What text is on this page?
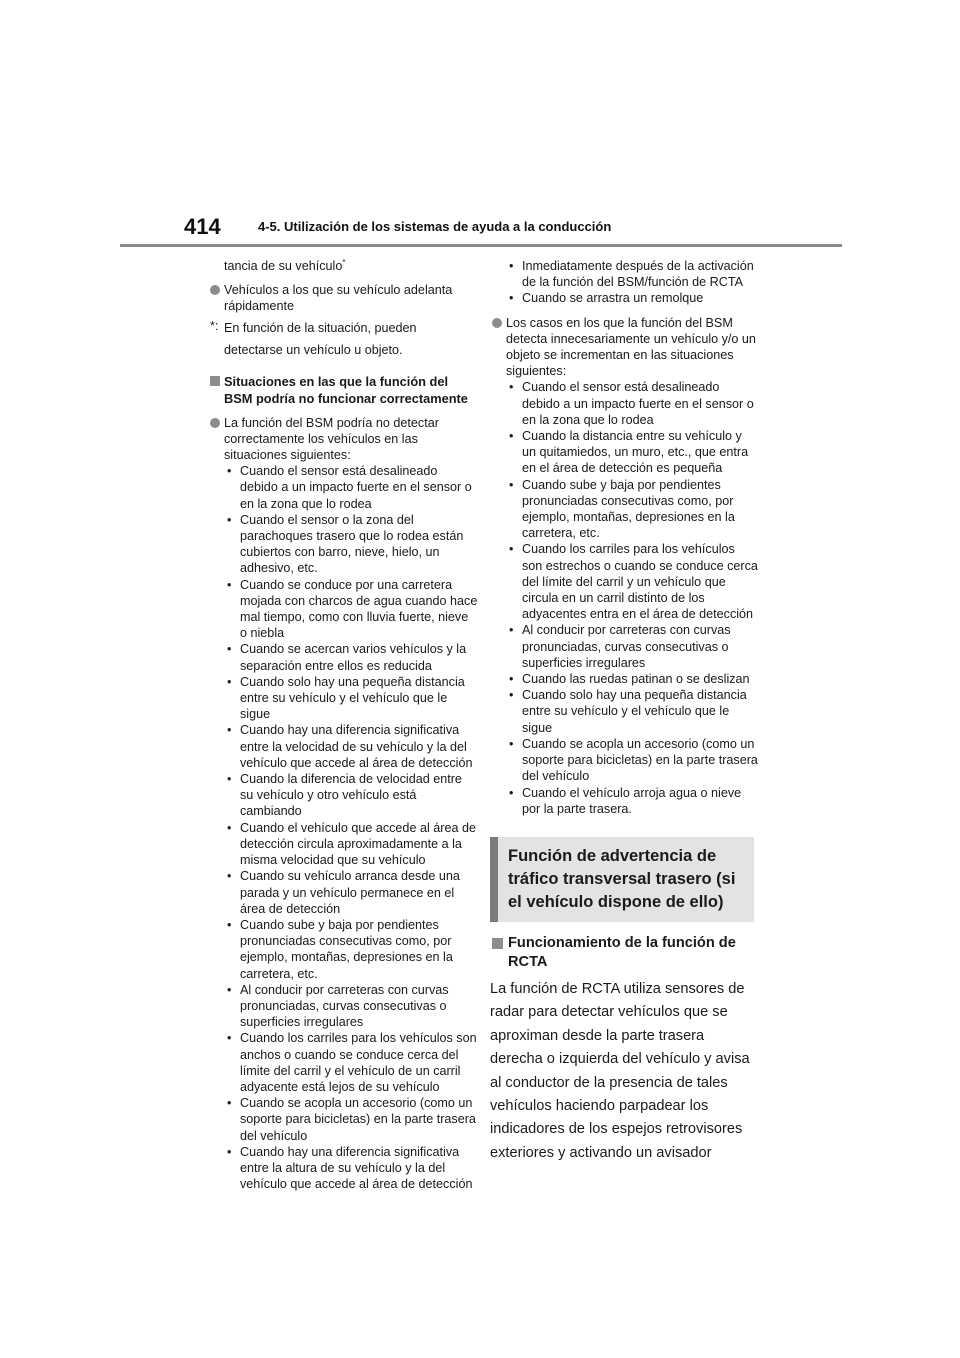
414	4-5. Utilización de los sistemas de ayuda a la conducción

tancia de su vehículo*

Vehículos a los que su vehículo adelanta rápidamente
*: En función de la situación, pueden detectarse un vehículo u objeto.
Situaciones en las que la función del BSM podría no funcionar correctamente
La función del BSM podría no detectar correctamente los vehículos en las situaciones siguientes:
• Cuando el sensor está desalineado debido a un impacto fuerte en el sensor o en la zona que lo rodea
• Cuando el sensor o la zona del parachoques trasero que lo rodea están cubiertos con barro, nieve, hielo, un adhesivo, etc.
• Cuando se conduce por una carretera mojada con charcos de agua cuando hace mal tiempo, como con lluvia fuerte, nieve o niebla
• Cuando se acercan varios vehículos y la separación entre ellos es reducida
• Cuando solo hay una pequeña distancia entre su vehículo y el vehículo que le sigue
• Cuando hay una diferencia significativa entre la velocidad de su vehículo y la del vehículo que accede al área de detección
• Cuando la diferencia de velocidad entre su vehículo y otro vehículo está cambiando
• Cuando el vehículo que accede al área de detección circula aproximadamente a la misma velocidad que su vehículo
• Cuando su vehículo arranca desde una parada y un vehículo permanece en el área de detección
• Cuando sube y baja por pendientes pronunciadas consecutivas como, por ejemplo, montañas, depresiones en la carretera, etc.
• Al conducir por carreteras con curvas pronunciadas, curvas consecutivas o superficies irregulares
• Cuando los carriles para los vehículos son anchos o cuando se conduce cerca del límite del carril y el vehículo de un carril adyacente está lejos de su vehículo
• Cuando se acopla un accesorio (como un soporte para bicicletas) en la parte trasera del vehículo
• Cuando hay una diferencia significativa entre la altura de su vehículo y la del vehículo que accede al área de detección
• Inmediatamente después de la activación de la función del BSM/función de RCTA
• Cuando se arrastra un remolque
Los casos en los que la función del BSM detecta innecesariamente un vehículo y/o un objeto se incrementan en las situaciones siguientes:
• Cuando el sensor está desalineado debido a un impacto fuerte en el sensor o en la zona que lo rodea
• Cuando la distancia entre su vehículo y un quitamiedos, un muro, etc., que entra en el área de detección es pequeña
• Cuando sube y baja por pendientes pronunciadas consecutivas como, por ejemplo, montañas, depresiones en la carretera, etc.
• Cuando los carriles para los vehículos son estrechos o cuando se conduce cerca del límite del carril y un vehículo que circula en un carril distinto de los adyacentes entra en el área de detección
• Al conducir por carreteras con curvas pronunciadas, curvas consecutivas o superficies irregulares
• Cuando las ruedas patinan o se deslizan
• Cuando solo hay una pequeña distancia entre su vehículo y el vehículo que le sigue
• Cuando se acopla un accesorio (como un soporte para bicicletas) en la parte trasera del vehículo
• Cuando el vehículo arroja agua o nieve por la parte trasera.
Función de advertencia de tráfico transversal trasero (si el vehículo dispone de ello)
Funcionamiento de la función de RCTA

La función de RCTA utiliza sensores de radar para detectar vehículos que se aproximan desde la parte trasera derecha o izquierda del vehículo y avisa al conductor de la presencia de tales vehículos haciendo parpadear los indicadores de los espejos retrovisores exteriores y activando un avisador
